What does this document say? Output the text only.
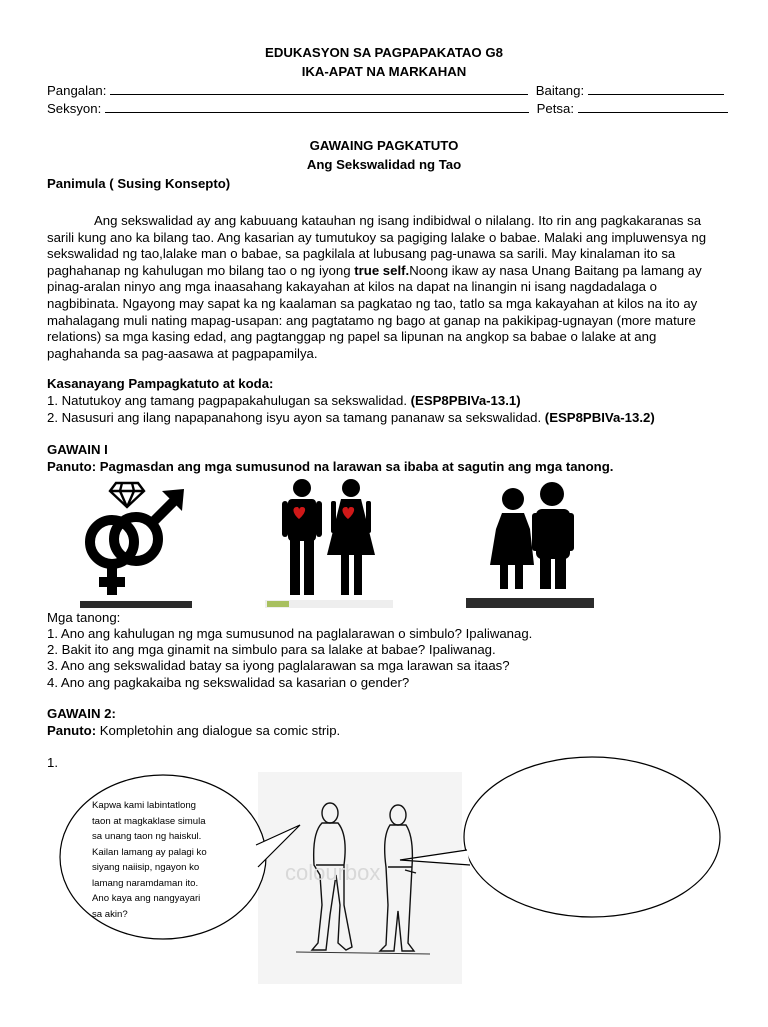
EDUKASYON SA PAGPAPAKATAO G8
IKA-APAT NA MARKAHAN
Pangalan:	Baitang:
Seksyon:	Petsa:
GAWAING PAGKATUTO
Ang Sekswalidad ng Tao
Panimula ( Susing Konsepto)
Ang sekswalidad ay ang kabuuang katauhan ng isang indibidwal o nilalang. Ito rin ang pagkakaranas sa sarili kung ano ka bilang tao. Ang kasarian ay tumutukoy sa pagiging lalake o babae. Malaki ang impluwensya ng sekswalidad ng tao,lalake man o babae, sa pagkilala at lubusang pag-unawa sa sarili. May kinalaman ito sa paghahanap ng kahulugan mo bilang tao o ng iyong true self.Noong ikaw ay nasa Unang Baitang pa lamang ay pinag-aralan ninyo ang mga inaasahang kakayahan at kilos na dapat na linangin ni isang nagdadalaga o nagbibinata. Ngayong may sapat ka ng kaalaman sa pagkatao ng tao, tatlo sa mga kakayahan at kilos na ito ay mahalagang muli nating mapag-usapan: ang pagtatamo ng bago at ganap na pakikipag-ugnayan (more mature relations) sa mga kasing edad, ang pagtanggap ng papel sa lipunan na angkop sa babae o lalake at ang paghahanda sa pag-aasawa at pagpapamilya.
Kasanayang Pampagkatuto at koda:
1. Natutukoy ang tamang pagpapakahulugan sa sekswalidad. (ESP8PBIVa-13.1)
2. Nasusuri ang ilang napapanahong isyu ayon sa tamang pananaw sa sekswalidad. (ESP8PBIVa-13.2)
GAWAIN I
Panuto: Pagmasdan ang mga sumusunod na larawan sa ibaba at sagutin ang mga tanong.
Mga tanong:
1. Ano ang kahulugan ng mga sumusunod na paglalarawan o simbulo? Ipaliwanag.
2. Bakit ito ang mga ginamit na simbulo para sa lalake at babae? Ipaliwanag.
3. Ano ang sekswalidad batay sa iyong paglalarawan sa mga larawan sa itaas?
4. Ano ang pagkakaiba ng sekswalidad sa kasarian o gender?
GAWAIN 2:
Panuto: Kompletohin ang dialogue sa comic strip.
1.
colourbox
Kapwa kami labintatlong
taon at magkaklase simula
sa unang taon ng haiskul.
Kailan lamang ay palagi ko
siyang naiisip, ngayon ko
lamang naramdaman ito.
Ano kaya ang nangyayari
sa akin?
